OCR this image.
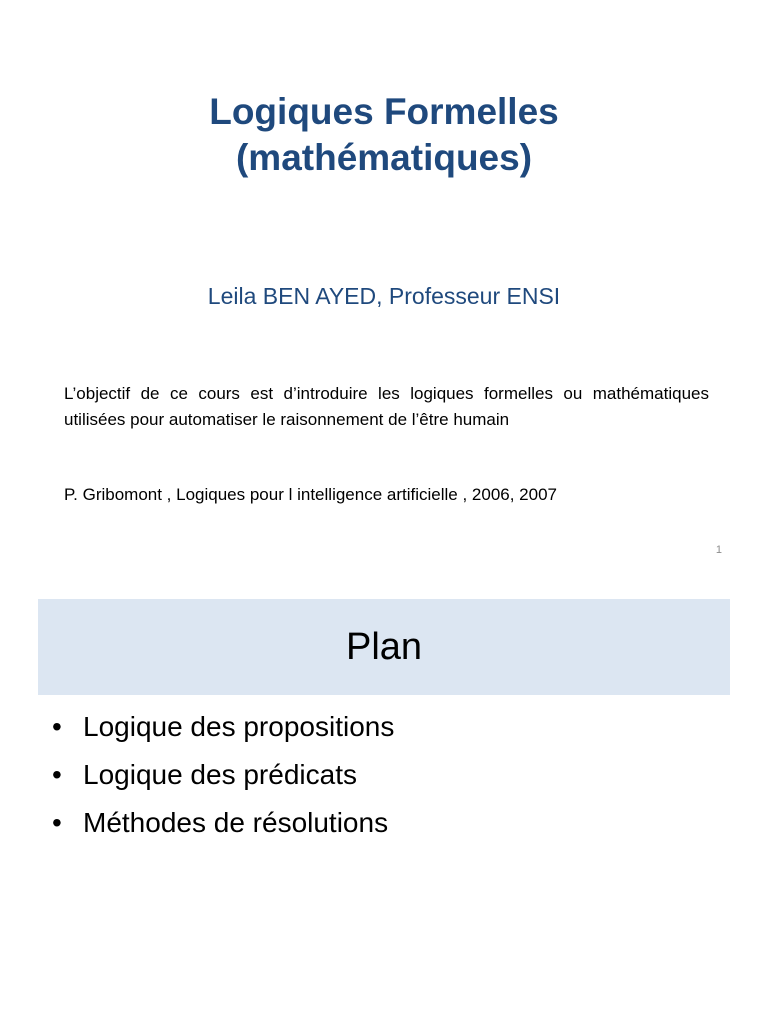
Logiques Formelles
(mathématiques)
Leila BEN AYED, Professeur ENSI

L’objectif de ce cours est d’introduire les logiques formelles ou mathématiques utilisées pour automatiser le raisonnement de l’être humain

P. Gribomont , Logiques pour l intelligence artificielle , 2006, 2007

1
Plan
• Logique des propositions
• Logique des prédicats
• Méthodes de résolutions
